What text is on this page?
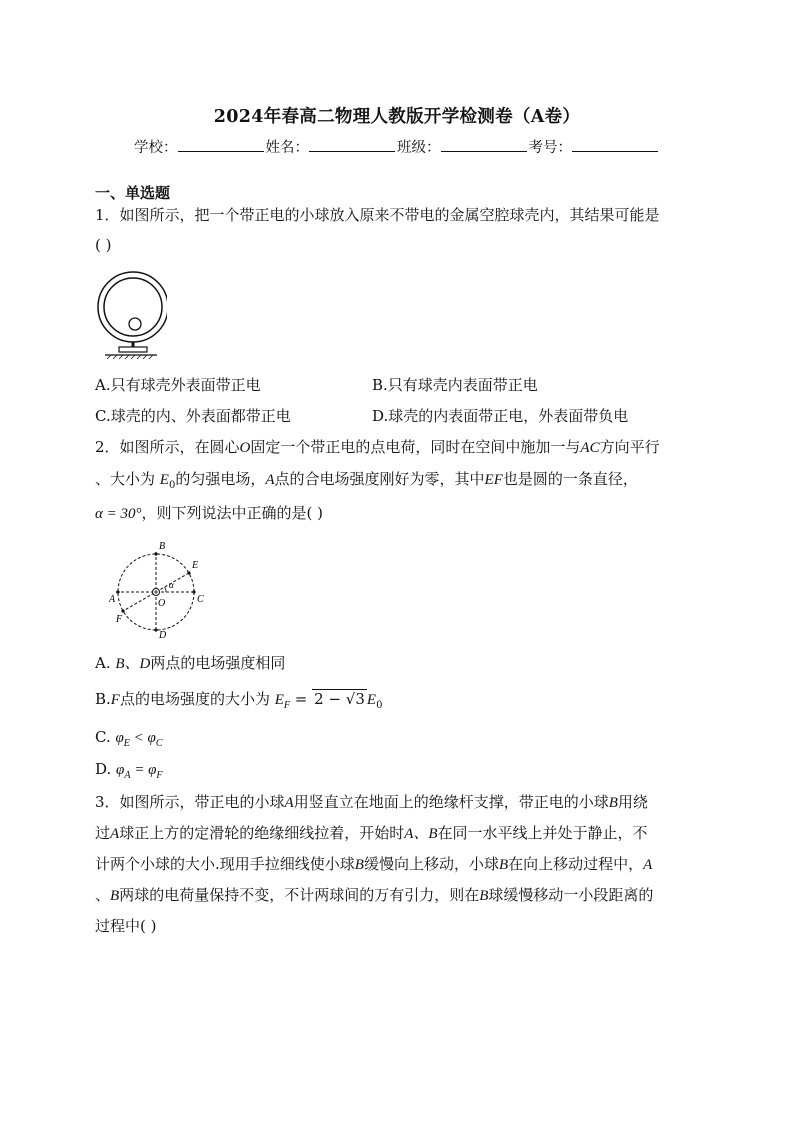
2024年春高二物理人教版开学检测卷（A卷）
学校：	姓名：	班级：	考号：
一、单选题
1．如图所示，把一个带正电的小球放入原来不带电的金属空腔球壳内，其结果可能是
( )
A.只有球壳外表面带正电	B.只有球壳内表面带正电
C.球壳的内、外表面都带正电	D.球壳的内表面带正电，外表面带负电
2．如图所示，在圆心O固定一个带正电的点电荷，同时在空间中施加一与AC方向平行
、大小为 $E_0$的匀强电场，A点的合电场强度刚好为零，其中EF也是圆的一条直径，
α = 30°，则下列说法中正确的是( )
B
E
A	C
O
F
D
α
A. B、D两点的电场强度相同
B.F点的电场强度的大小为 $E_F = 2 - √3$ $E_0$
C. $\varphi_E < \varphi_C$
D. $\varphi_A = \varphi_F$
3．如图所示，带正电的小球A用竖直立在地面上的绝缘杆支撑，带正电的小球B用绕
过A球正上方的定滑轮的绝缘细线拉着，开始时A、B在同一水平线上并处于静止，不
计两个小球的大小.现用手拉细线使小球B缓慢向上移动，小球B在向上移动过程中，A
、B两球的电荷量保持不变，不计两球间的万有引力，则在B球缓慢移动一小段距离的
过程中( )
